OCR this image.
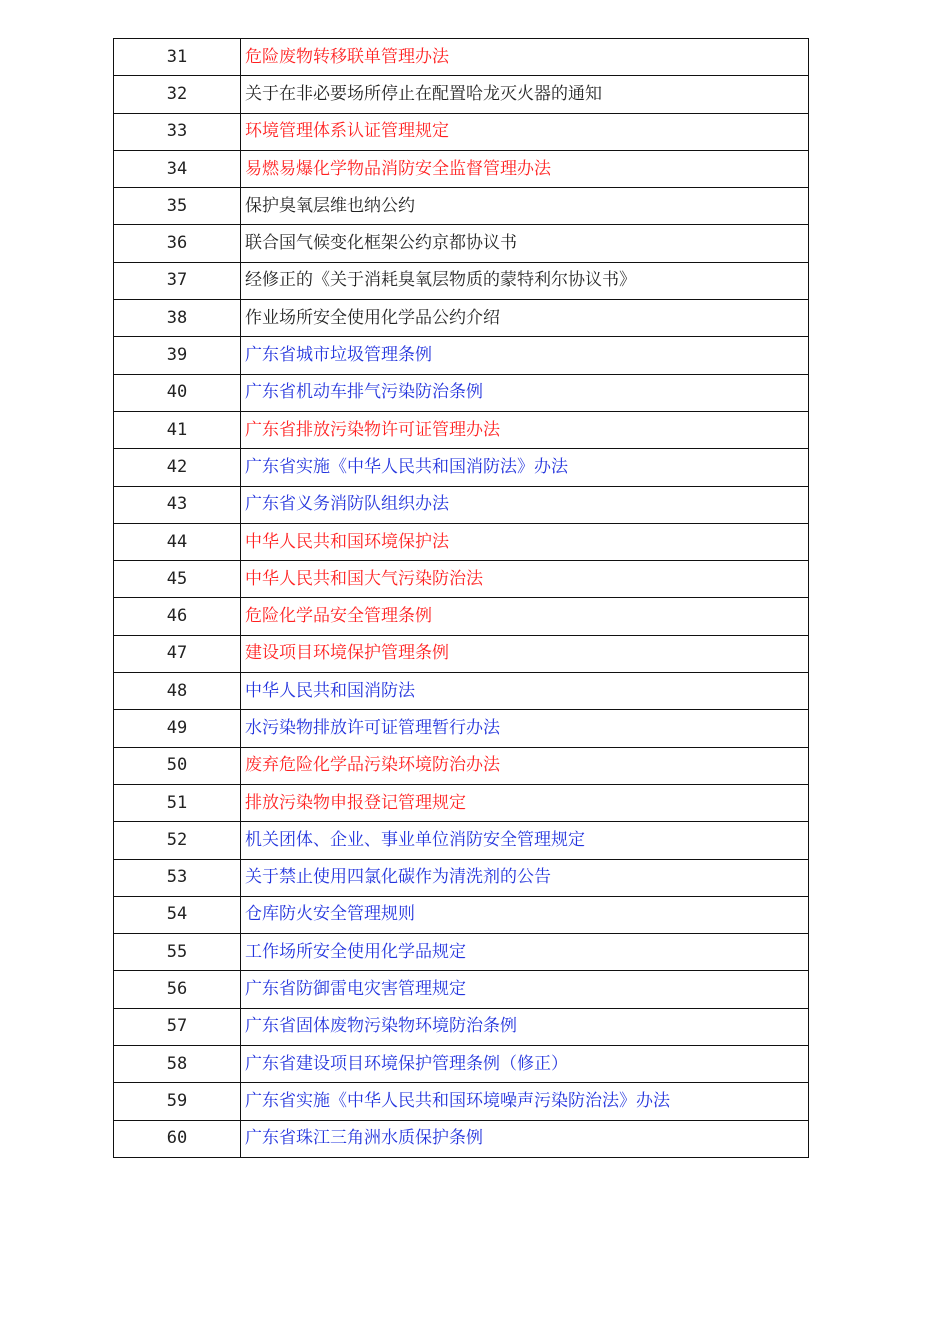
31	危险废物转移联单管理办法
32	关于在非必要场所停止在配置哈龙灭火器的通知
33	环境管理体系认证管理规定
34	易燃易爆化学物品消防安全监督管理办法
35	保护臭氧层维也纳公约
36	联合国气候变化框架公约京都协议书
37	经修正的《关于消耗臭氧层物质的蒙特利尔协议书》
38	作业场所安全使用化学品公约介绍
39	广东省城市垃圾管理条例
40	广东省机动车排气污染防治条例
41	广东省排放污染物许可证管理办法
42	广东省实施《中华人民共和国消防法》办法
43	广东省义务消防队组织办法
44	中华人民共和国环境保护法
45	中华人民共和国大气污染防治法
46	危险化学品安全管理条例
47	建设项目环境保护管理条例
48	中华人民共和国消防法
49	水污染物排放许可证管理暂行办法
50	废弃危险化学品污染环境防治办法
51	排放污染物申报登记管理规定
52	机关团体、企业、事业单位消防安全管理规定
53	关于禁止使用四氯化碳作为清洗剂的公告
54	仓库防火安全管理规则
55	工作场所安全使用化学品规定
56	广东省防御雷电灾害管理规定
57	广东省固体废物污染物环境防治条例
58	广东省建设项目环境保护管理条例（修正）
59	广东省实施《中华人民共和国环境噪声污染防治法》办法
60	广东省珠江三角洲水质保护条例
